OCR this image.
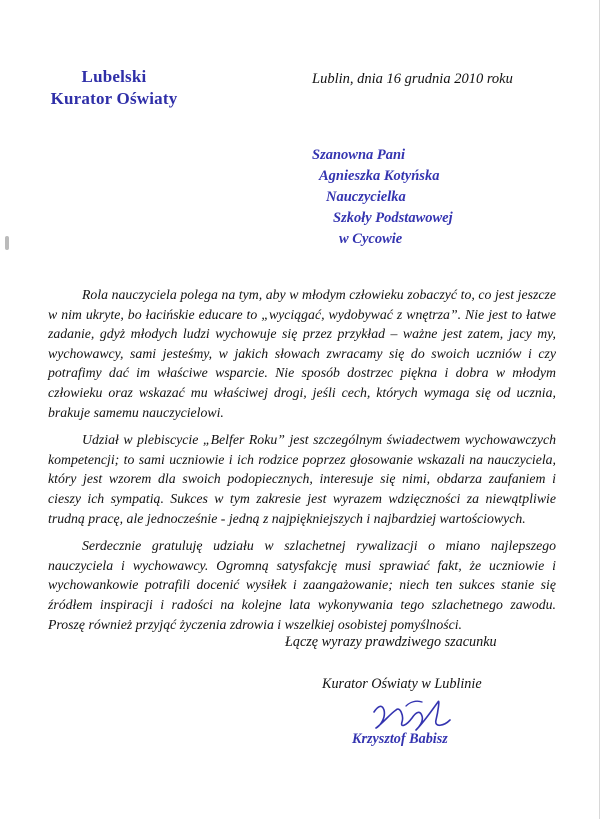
Lubelski
Kurator Oświaty
Lublin, dnia 16 grudnia 2010 roku
Szanowna Pani
Agnieszka Kotyńska
Nauczycielka
Szkoły Podstawowej
w Cycowie

Rola nauczyciela polega na tym, aby w młodym człowieku zobaczyć to, co jest jeszcze w nim ukryte, bo łacińskie educare to „wyciągać, wydobywać z wnętrza”. Nie jest to łatwe zadanie, gdyż młodych ludzi wychowuje się przez przykład – ważne jest zatem, jacy my, wychowawcy, sami jesteśmy, w jakich słowach zwracamy się do swoich uczniów i czy potrafimy dać im właściwe wsparcie. Nie sposób dostrzec piękna i dobra w młodym człowieku oraz wskazać mu właściwej drogi, jeśli cech, których wymaga się od ucznia, brakuje samemu nauczycielowi.

Udział w plebiscycie „Belfer Roku” jest szczególnym świadectwem wychowawczych kompetencji; to sami uczniowie i ich rodzice poprzez głosowanie wskazali na nauczyciela, który jest wzorem dla swoich podopiecznych, interesuje się nimi, obdarza zaufaniem i cieszy ich sympatią. Sukces w tym zakresie jest wyrazem wdzięczności za niewątpliwie trudną pracę, ale jednocześnie - jedną z najpiękniejszych i najbardziej wartościowych.

Serdecznie gratuluję udziału w szlachetnej rywalizacji o miano najlepszego nauczyciela i wychowawcy. Ogromną satysfakcję musi sprawiać fakt, że uczniowie i wychowankowie potrafili docenić wysiłek i zaangażowanie; niech ten sukces stanie się źródłem inspiracji i radości na kolejne lata wykonywania tego szlachetnego zawodu. Proszę również przyjąć życzenia zdrowia i wszelkiej osobistej pomyślności.

Łączę wyrazy prawdziwego szacunku
Kurator Oświaty w Lublinie
Krzysztof Babisz
